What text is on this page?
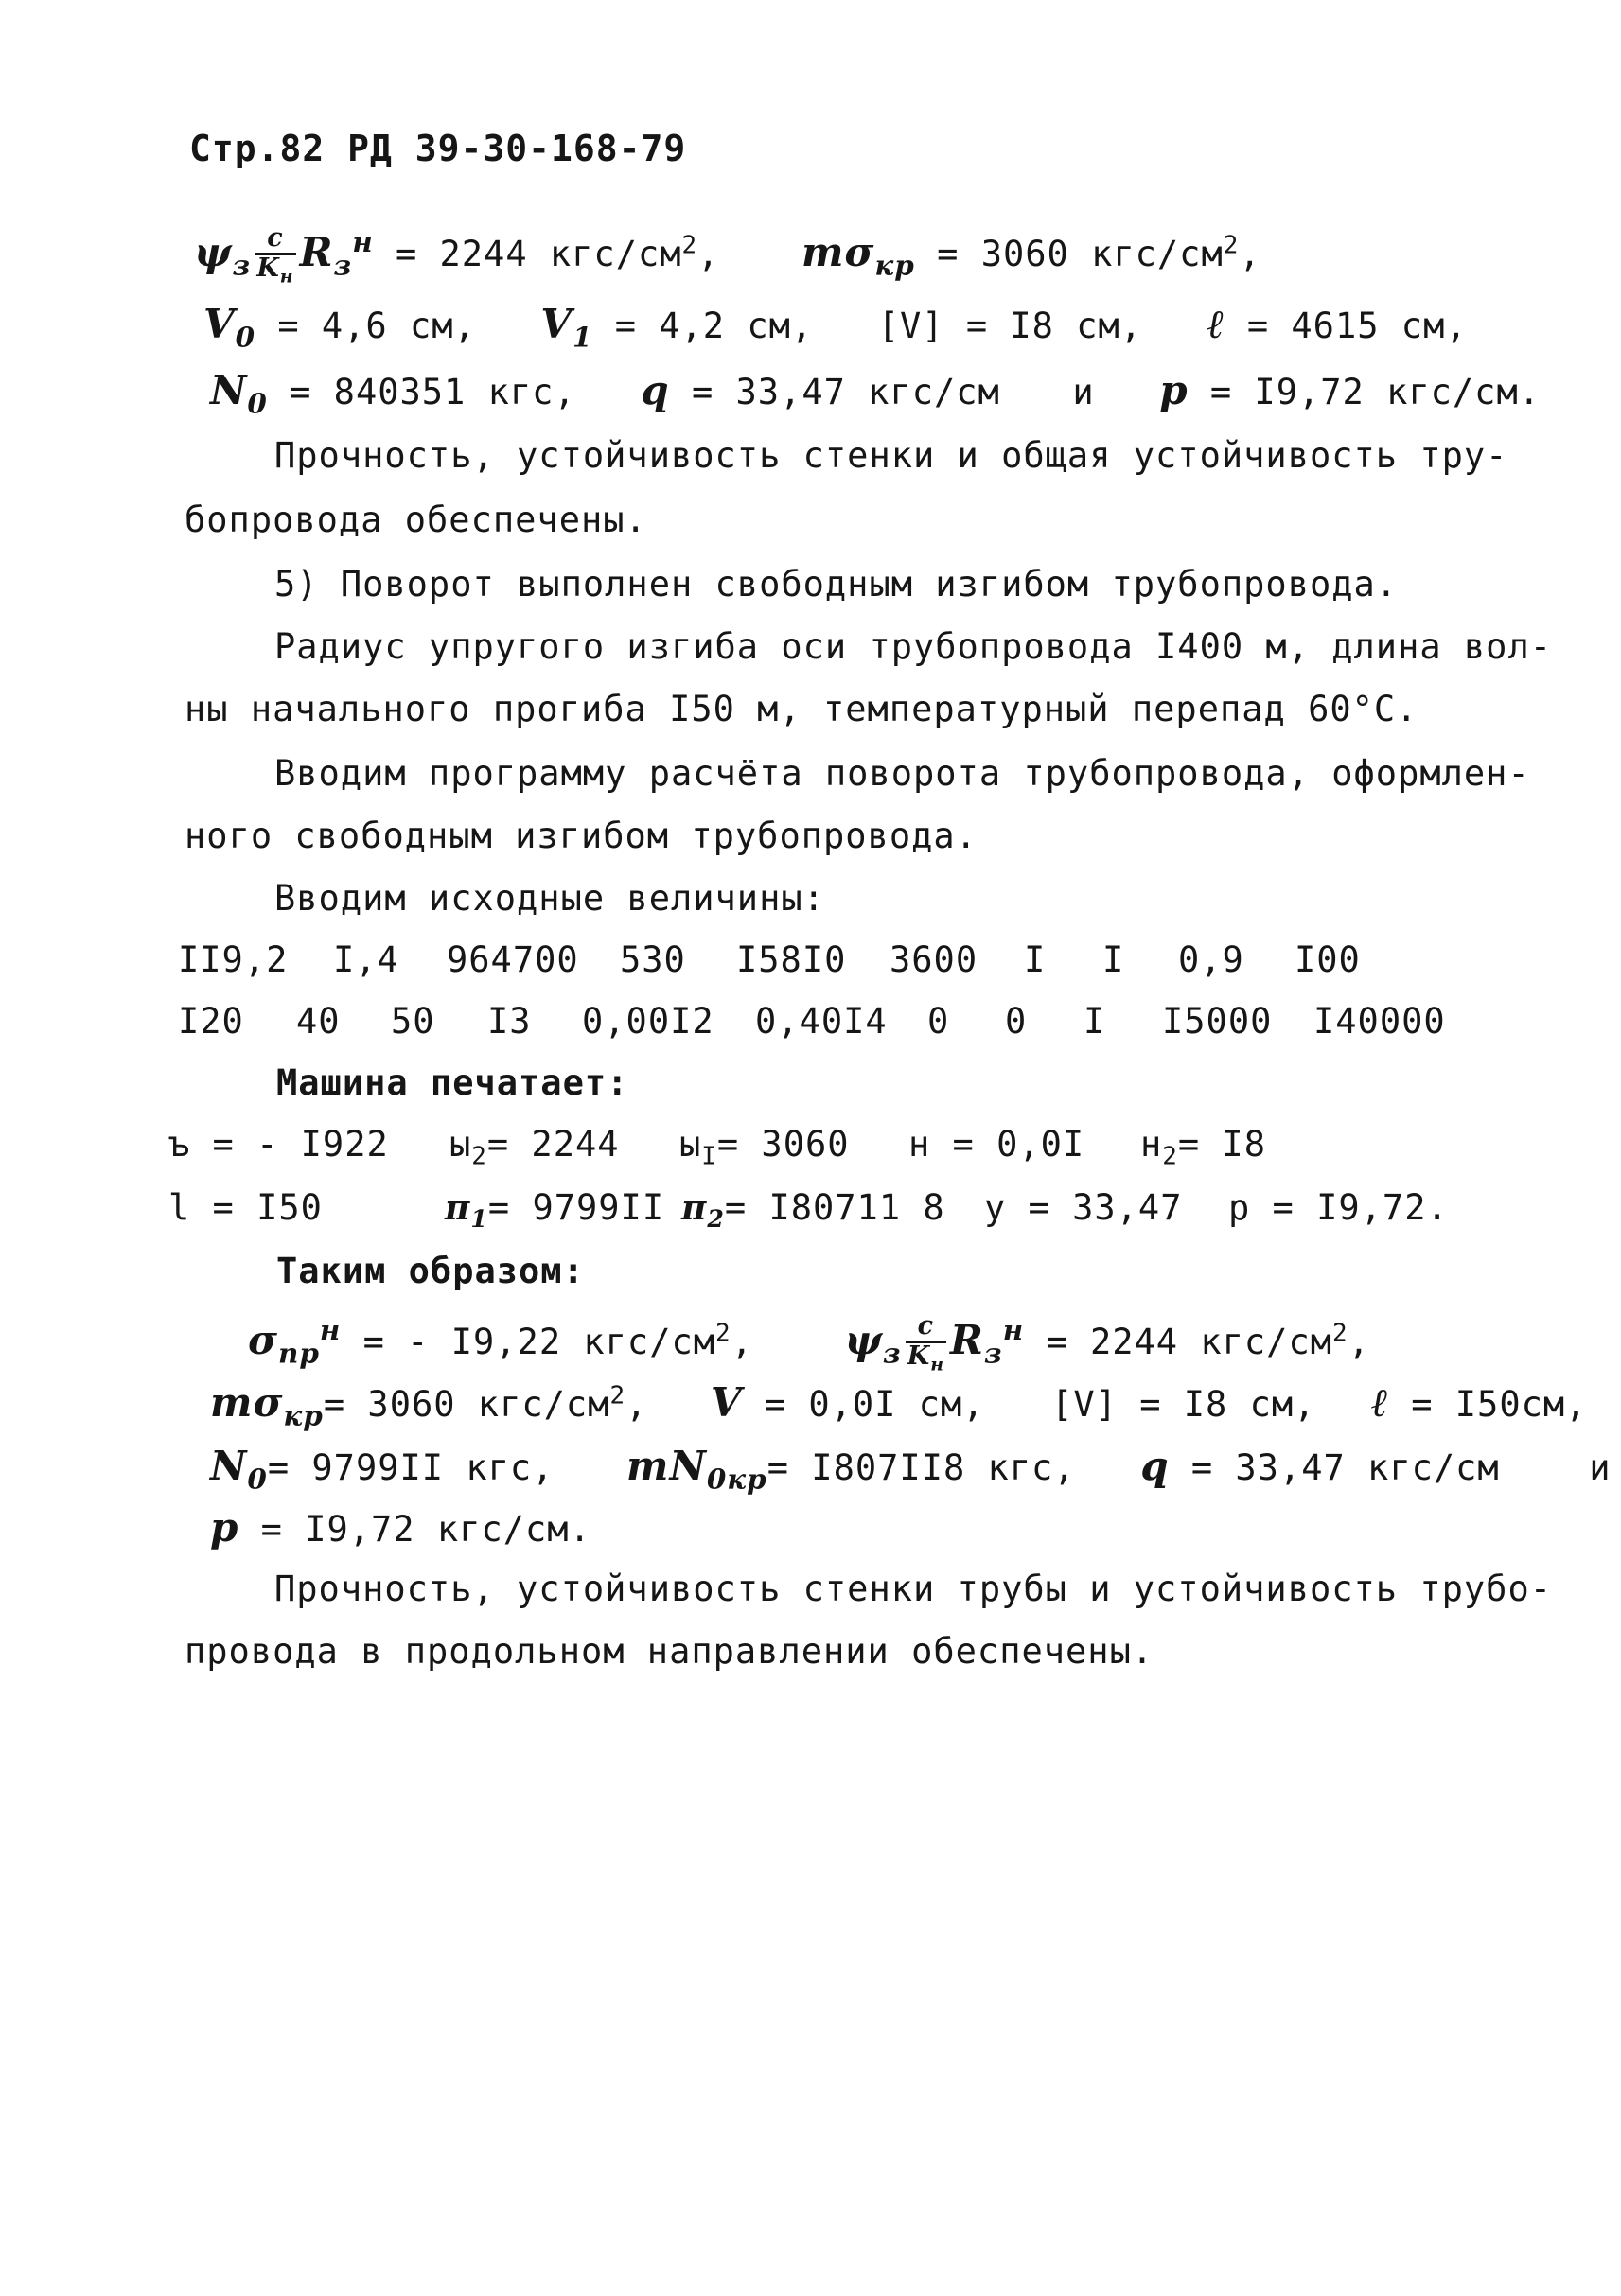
Стр.82 РД 39-30-168-79
$\psi_з \frac{с}{K_н} R_з^н = 2244$ кгс/$см^2$, $m\sigma_{кр} = 3060$ кгс/$см^2$,
$V_0 = 4,6$ см, $V_1 = 4,2$ см, [V] = I8 см, ℓ = 4615 см,
$N_0 = 840351$ кгс, q = 33,47 кгс/см и p = I9,72 кгс/см.
Прочность, устойчивость стенки и общая устойчивость тру-
бопровода обеспечены.
5) Поворот выполнен свободным изгибом трубопровода.
Радиус упругого изгиба оси трубопровода I400 м, длина вол-
ны начального прогиба I50 м, температурный перепад 60°С.
Вводим программу расчёта поворота трубопровода, оформлен-
ного свободным изгибом трубопровода.
Вводим исходные величины:
II9,2 I,4 964700 530 I58I0 3600 I I 0,9 I00
I20 40 50 I3 0,00I2 0,40I4 0 0 I I5000 I40000
Машина печатает:
ъ = - I922 $ы_2= 2244$ $ы_I= 3060$ н = 0,0I $н_2= I8$
l = I50	$\pi_1= 9799II$ $\pi_2= I80711$ 8 у = 33,47 р = I9,72.
Таким образом:
$\sigma_{пр}^н$ = - I9,22 кгс/$см^2$, $\psi_з \frac{с}{K_н} R_з^н = 2244$ кгс/$см^2$,
$m\sigma_{кр}= 3060$ кгс/$см^2$, V = 0,0I см, [V] = I8 см, ℓ = I50см,
$N_0= 9799II$ кгс, $mN_{0кр}= I807II8$ кгс, q = 33,47 кгс/см	и
p = I9,72 кгс/см.
Прочность, устойчивость стенки трубы и устойчивость трубо-
провода в продольном направлении обеспечены.
